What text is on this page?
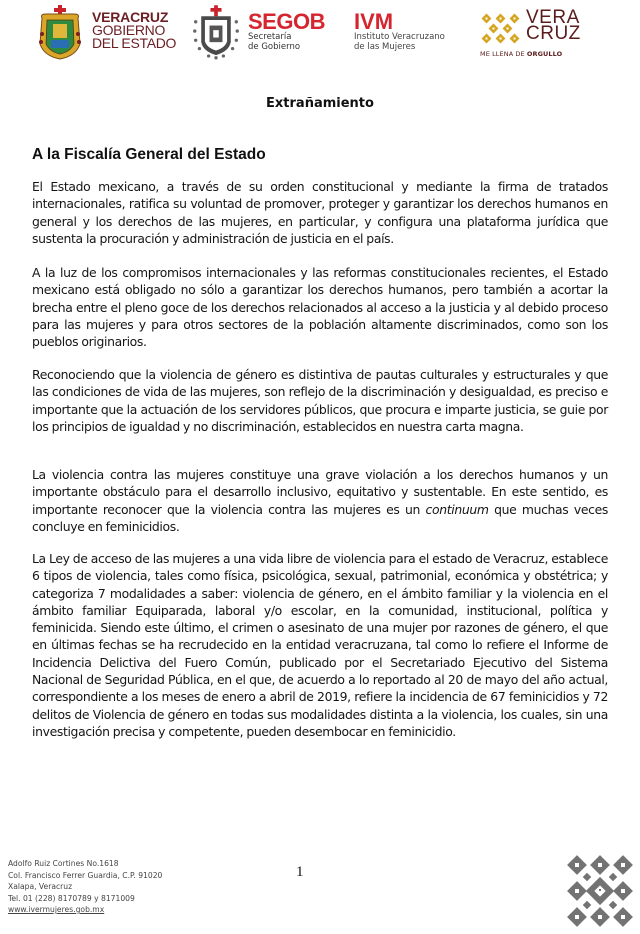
VERACRUZ
GOBIERNO
DEL ESTADO
SEGOB
Secretaría
de Gobierno
IVM
Instituto Veracruzano
de las Mujeres
VERA
CRUZ
ME LLENA DE ORGULLO
Extrañamiento
A la Fiscalía General del Estado

El Estado mexicano, a través de su orden constitucional y mediante la firma de tratados internacionales, ratifica su voluntad de promover, proteger y garantizar los derechos humanos en general y los derechos de las mujeres, en particular, y configura una plataforma jurídica que sustenta la procuración y administración de justicia en el país.

A la luz de los compromisos internacionales y las reformas constitucionales recientes, el Estado mexicano está obligado no sólo a garantizar los derechos humanos, pero también a acortar la brecha entre el pleno goce de los derechos relacionados al acceso a la justicia y al debido proceso para las mujeres y para otros sectores de la población altamente discriminados, como son los pueblos originarios.

Reconociendo que la violencia de género es distintiva de pautas culturales y estructurales y que las condiciones de vida de las mujeres, son reflejo de la discriminación y desigualdad, es preciso e importante que la actuación de los servidores públicos, que procura e imparte justicia, se guie por los principios de igualdad y no discriminación, establecidos en nuestra carta magna.

La violencia contra las mujeres constituye una grave violación a los derechos humanos y un importante obstáculo para el desarrollo inclusivo, equitativo y sustentable. En este sentido, es importante reconocer que la violencia contra las mujeres es un continuum que muchas veces concluye en feminicidios.

La Ley de acceso de las mujeres a una vida libre de violencia para el estado de Veracruz, establece 6 tipos de violencia, tales como física, psicológica, sexual, patrimonial, económica y obstétrica; y categoriza 7 modalidades a saber: violencia de género, en el ámbito familiar y la violencia en el ámbito familiar Equiparada, laboral y/o escolar, en la comunidad, institucional, política y feminicida. Siendo este último, el crimen o asesinato de una mujer por razones de género, el que en últimas fechas se ha recrudecido en la entidad veracruzana, tal como lo refiere el Informe de Incidencia Delictiva del Fuero Común, publicado por el Secretariado Ejecutivo del Sistema Nacional de Seguridad Pública, en el que, de acuerdo a lo reportado al 20 de mayo del año actual, correspondiente a los meses de enero a abril de 2019, refiere la incidencia de 67 feminicidios y 72 delitos de Violencia de género en todas sus modalidades distinta a la violencia, los cuales, sin una investigación precisa y competente, pueden desembocar en feminicidio.

Adolfo Ruiz Cortines No.1618
Col. Francisco Ferrer Guardia, C.P. 91020
Xalapa, Veracruz
Tel. 01 (228) 8170789 y 8171009
www.ivermujeres.gob.mx
1
